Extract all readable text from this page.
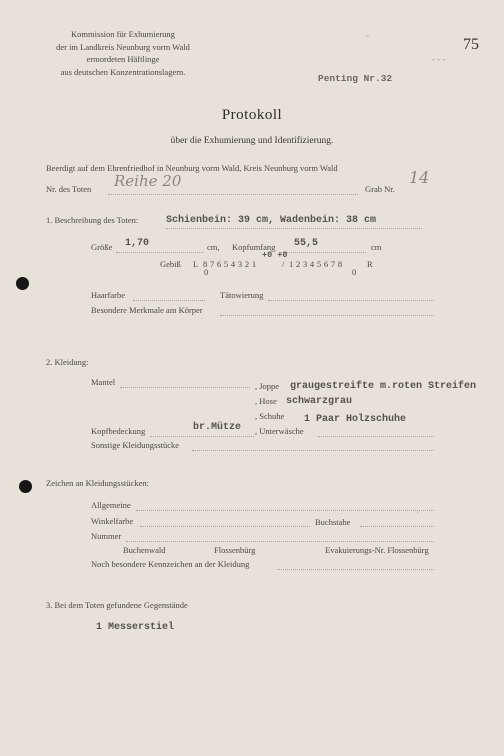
Kommission für Exhumierung
der im Landkreis Neunburg vorm Wald
ermordeten Häftlinge
aus deutschen Konzentrationslagern.
75
‐
- - -
Penting Nr.32
Protokoll
über die Exhumierung und Identifizierung.
Beerdigt auf dem Ehrenfriedhof in Neunburg vorm Wald, Kreis Neunburg vorm Wald
Nr. des Toten Reihe 20	Grab Nr.
14
1. Beschreibung des Toten:	Schienbein: 39 cm, Wadenbein: 38 cm
Größe 1,70	cm, Kopfumfang 55,5	cm
+0 +0
Gebiß L 8 7 6 5 4 3 2 1	/ 1 2 3 4 5 6 7 8	R
0	0
Haarfarbe	Tätowierung
Besondere Merkmale am Körper
2. Kleidung:
Mantel	, Joppe graugestreifte m.roten Streifen
, Hose schwarzgrau
, Schuhe 1 Paar Holzschuhe
Kopfbedeckung	br.Mütze , Unterwäsche
Sonstige Kleidungsstücke
Zeichen an Kleidungsstücken:
Allgemeine
Winkelfarbe	Buchstabe
'
Nummer
Buchenwald	Flossenbürg	Evakuierungs-Nr. Flossenbürg
Noch besondere Kennzeichen an der Kleidung
3. Bei dem Toten gefundene Gegenstände
1 Messerstiel
